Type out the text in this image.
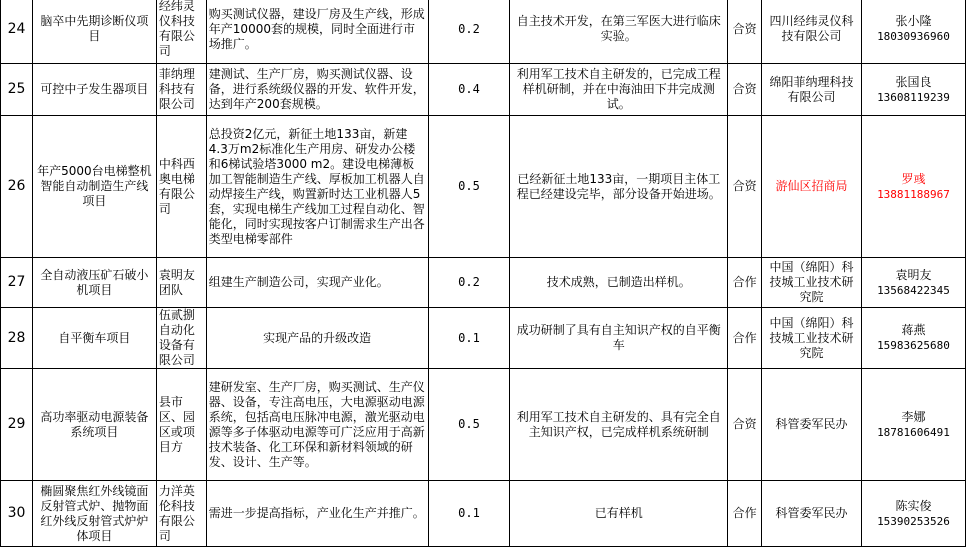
24	脑卒中先期诊断仪项目	经纬灵仪科技有限公司	购买测试仪器，建设厂房及生产线，形成年产10000套的规模，同时全面进行市场推广。	0.2	自主技术开发，在第三军医大进行临床实验。	合资	四川经纬灵仪科技有限公司	张小隆
18030936960

25	可控中子发生器项目	菲纳理科技有限公司	建测试、生产厂房，购买测试仪器、设备，进行系统级仪器的开发、软件开发，达到年产200套规模。	0.4	利用军工技术自主研发的，已完成工程样机研制，并在中海油田下井完成测试。	合资	绵阳菲纳理科技有限公司	张国良
13608119239

26	年产5000台电梯整机智能自动制造生产线项目	中科西奥电梯有限公司	总投资2亿元，新征土地133亩，新建4.3万m2标准化生产用房、研发办公楼和6梯试验塔3000 m2。建设电梯薄板加工智能制造生产线、厚板加工机器人自动焊接生产线，购置新时达工业机器人5套，实现电梯生产线加工过程自动化、智能化，同时实现按客户订制需求生产出各类型电梯零部件	0.5	已经新征土地133亩，一期项目主体工程已经建设完毕，部分设备开始进场。	合资	游仙区招商局	罗彧
13881188967

27	全自动液压矿石破小机项目	袁明友团队	组建生产制造公司，实现产业化。	0.2	技术成熟，已制造出样机。	合作	中国（绵阳）科技城工业技术研究院	袁明友
13568422345

28	自平衡车项目	伍贰捌自动化设备有限公司	实现产品的升级改造	0.1	成功研制了具有自主知识产权的自平衡车	合作	中国（绵阳）科技城工业技术研究院	蒋燕
15983625680

29	高功率驱动电源装备系统项目	县市区、园区或项目方	建研发室、生产厂房，购买测试、生产仪器、设备，专注高电压，大电源驱动电源系统，包括高电压脉冲电源，激光驱动电源等多子体驱动电源等可广泛应用于高新技术装备、化工环保和新材料领域的研发、设计、生产等。	0.5	利用军工技术自主研发的、具有完全自主知识产权，已完成样机系统研制	合资	科管委军民办	李娜
18781606491

30	椭圆聚焦红外线镜面反射管式炉、抛物面红外线反射管式炉炉体项目	力洋英伦科技有限公司	需进一步提高指标，产业化生产并推广。	0.1	已有样机	合作	科管委军民办	陈实俊
15390253526
